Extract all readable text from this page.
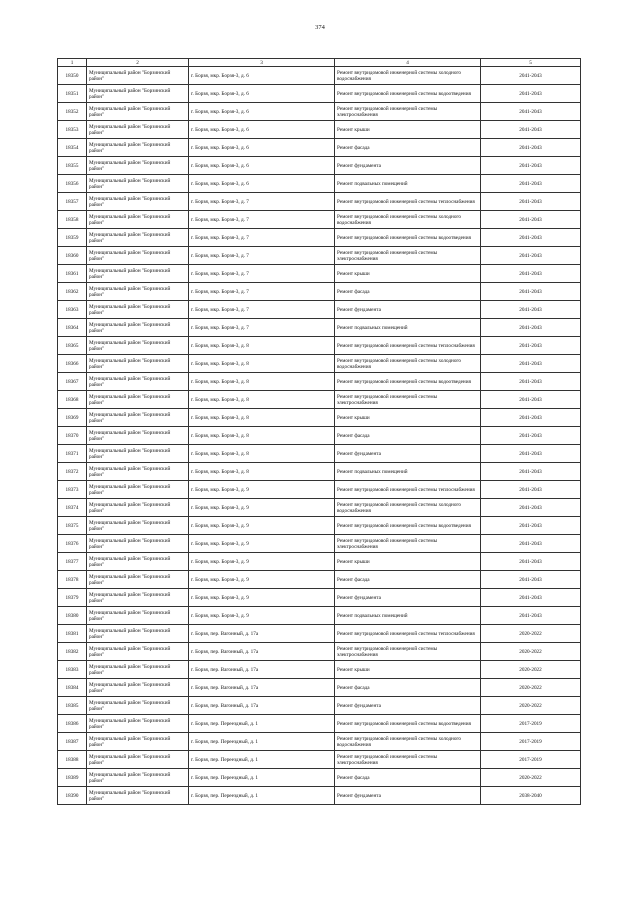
374
1	2	3	4	5
18350	Муниципальный район "Борзинский район"	г. Борзя, мкр. Борзя-3, д. 6	Ремонт внутридомовой инженерной системы холодного водоснабжения	2041-2043
18351	Муниципальный район "Борзинский район"	г. Борзя, мкр. Борзя-3, д. 6	Ремонт внутридомовой инженерной системы водоотведения	2041-2043
18352	Муниципальный район "Борзинский район"	г. Борзя, мкр. Борзя-3, д. 6	Ремонт внутридомовой инженерной системы электроснабжения	2041-2043
18353	Муниципальный район "Борзинский район"	г. Борзя, мкр. Борзя-3, д. 6	Ремонт крыши	2041-2043
18354	Муниципальный район "Борзинский район"	г. Борзя, мкр. Борзя-3, д. 6	Ремонт фасада	2041-2043
18355	Муниципальный район "Борзинский район"	г. Борзя, мкр. Борзя-3, д. 6	Ремонт фундамента	2041-2043
18356	Муниципальный район "Борзинский район"	г. Борзя, мкр. Борзя-3, д. 6	Ремонт подвальных помещений	2041-2043
18357	Муниципальный район "Борзинский район"	г. Борзя, мкр. Борзя-3, д. 7	Ремонт внутридомовой инженерной системы теплоснабжения	2041-2043
18358	Муниципальный район "Борзинский район"	г. Борзя, мкр. Борзя-3, д. 7	Ремонт внутридомовой инженерной системы холодного водоснабжения	2041-2043
18359	Муниципальный район "Борзинский район"	г. Борзя, мкр. Борзя-3, д. 7	Ремонт внутридомовой инженерной системы водоотведения	2041-2043
18360	Муниципальный район "Борзинский район"	г. Борзя, мкр. Борзя-3, д. 7	Ремонт внутридомовой инженерной системы электроснабжения	2041-2043
18361	Муниципальный район "Борзинский район"	г. Борзя, мкр. Борзя-3, д. 7	Ремонт крыши	2041-2043
18362	Муниципальный район "Борзинский район"	г. Борзя, мкр. Борзя-3, д. 7	Ремонт фасада	2041-2043
18363	Муниципальный район "Борзинский район"	г. Борзя, мкр. Борзя-3, д. 7	Ремонт фундамента	2041-2043
18364	Муниципальный район "Борзинский район"	г. Борзя, мкр. Борзя-3, д. 7	Ремонт подвальных помещений	2041-2043
18365	Муниципальный район "Борзинский район"	г. Борзя, мкр. Борзя-3, д. 8	Ремонт внутридомовой инженерной системы теплоснабжения	2041-2043
18366	Муниципальный район "Борзинский район"	г. Борзя, мкр. Борзя-3, д. 8	Ремонт внутридомовой инженерной системы холодного водоснабжения	2041-2043
18367	Муниципальный район "Борзинский район"	г. Борзя, мкр. Борзя-3, д. 8	Ремонт внутридомовой инженерной системы водоотведения	2041-2043
18368	Муниципальный район "Борзинский район"	г. Борзя, мкр. Борзя-3, д. 8	Ремонт внутридомовой инженерной системы электроснабжения	2041-2043
18369	Муниципальный район "Борзинский район"	г. Борзя, мкр. Борзя-3, д. 8	Ремонт крыши	2041-2043
18370	Муниципальный район "Борзинский район"	г. Борзя, мкр. Борзя-3, д. 8	Ремонт фасада	2041-2043
18371	Муниципальный район "Борзинский район"	г. Борзя, мкр. Борзя-3, д. 8	Ремонт фундамента	2041-2043
18372	Муниципальный район "Борзинский район"	г. Борзя, мкр. Борзя-3, д. 8	Ремонт подвальных помещений	2041-2043
18373	Муниципальный район "Борзинский район"	г. Борзя, мкр. Борзя-3, д. 9	Ремонт внутридомовой инженерной системы теплоснабжения	2041-2043
18374	Муниципальный район "Борзинский район"	г. Борзя, мкр. Борзя-3, д. 9	Ремонт внутридомовой инженерной системы холодного водоснабжения	2041-2043
18375	Муниципальный район "Борзинский район"	г. Борзя, мкр. Борзя-3, д. 9	Ремонт внутридомовой инженерной системы водоотведения	2041-2043
18376	Муниципальный район "Борзинский район"	г. Борзя, мкр. Борзя-3, д. 9	Ремонт внутридомовой инженерной системы электроснабжения	2041-2043
18377	Муниципальный район "Борзинский район"	г. Борзя, мкр. Борзя-3, д. 9	Ремонт крыши	2041-2043
18378	Муниципальный район "Борзинский район"	г. Борзя, мкр. Борзя-3, д. 9	Ремонт фасада	2041-2043
18379	Муниципальный район "Борзинский район"	г. Борзя, мкр. Борзя-3, д. 9	Ремонт фундамента	2041-2043
18380	Муниципальный район "Борзинский район"	г. Борзя, мкр. Борзя-3, д. 9	Ремонт подвальных помещений	2041-2043
18381	Муниципальный район "Борзинский район"	г. Борзя, пер. Вагонный, д. 17а	Ремонт внутридомовой инженерной системы теплоснабжения	2020-2022
18382	Муниципальный район "Борзинский район"	г. Борзя, пер. Вагонный, д. 17а	Ремонт внутридомовой инженерной системы электроснабжения	2020-2022
18383	Муниципальный район "Борзинский район"	г. Борзя, пер. Вагонный, д. 17а	Ремонт крыши	2020-2022
18384	Муниципальный район "Борзинский район"	г. Борзя, пер. Вагонный, д. 17а	Ремонт фасада	2020-2022
18385	Муниципальный район "Борзинский район"	г. Борзя, пер. Вагонный, д. 17а	Ремонт фундамента	2020-2022
18386	Муниципальный район "Борзинский район"	г. Борзя, пер. Переездный, д. 1	Ремонт внутридомовой инженерной системы водоотведения	2017-2019
18387	Муниципальный район "Борзинский район"	г. Борзя, пер. Переездный, д. 1	Ремонт внутридомовой инженерной системы холодного водоснабжения	2017-2019
18388	Муниципальный район "Борзинский район"	г. Борзя, пер. Переездный, д. 1	Ремонт внутридомовой инженерной системы электроснабжения	2017-2019
18389	Муниципальный район "Борзинский район"	г. Борзя, пер. Переездный, д. 1	Ремонт фасада	2020-2022
18390	Муниципальный район "Борзинский район"	г. Борзя, пер. Переездный, д. 1	Ремонт фундамента	2038-2040
